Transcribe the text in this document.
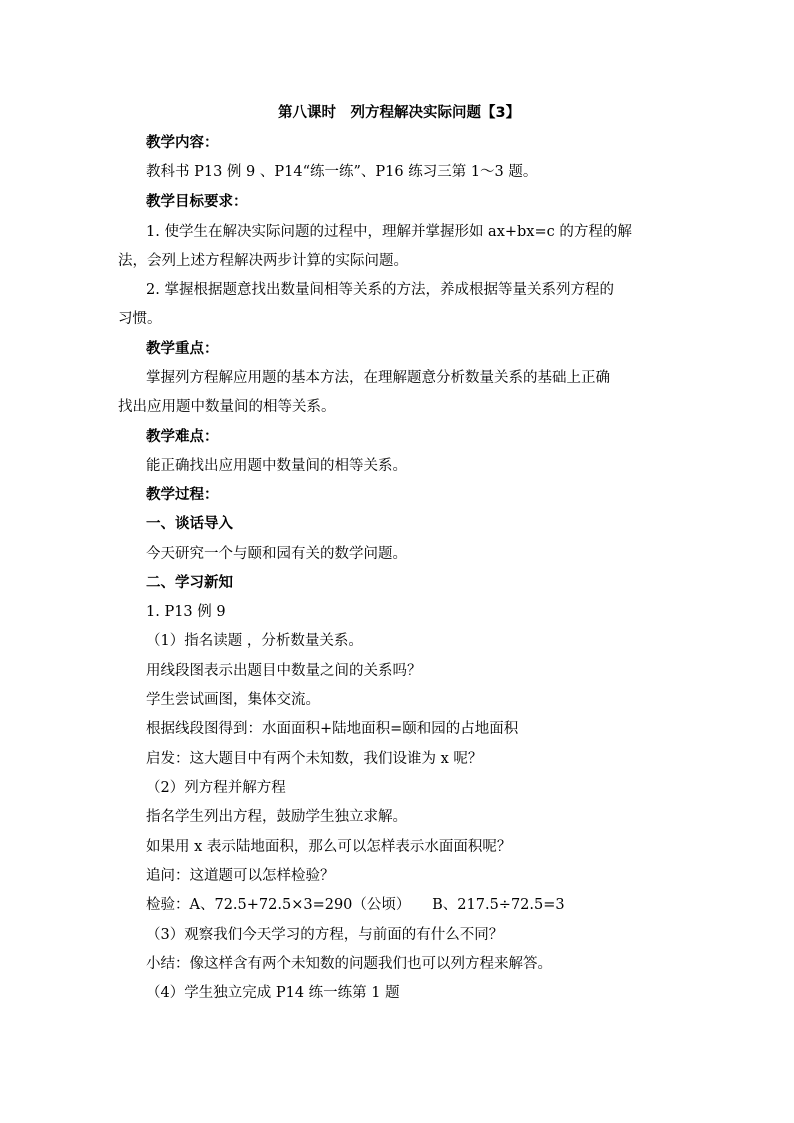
第八课时　列方程解决实际问题【3】
教学内容：
教科书 P13 例 9 、P14“练一练”、P16 练习三第 1～3 题。
教学目标要求：
1. 使学生在解决实际问题的过程中，理解并掌握形如 ax+bx=c 的方程的解
法，会列上述方程解决两步计算的实际问题。
2. 掌握根据题意找出数量间相等关系的方法，养成根据等量关系列方程的
习惯。
教学重点：
掌握列方程解应用题的基本方法，在理解题意分析数量关系的基础上正确
找出应用题中数量间的相等关系。
教学难点：
能正确找出应用题中数量间的相等关系。
教学过程：
一、谈话导入
今天研究一个与颐和园有关的数学问题。
二、学习新知
1. P13 例 9
（1）指名读题 ，分析数量关系。
用线段图表示出题目中数量之间的关系吗？
学生尝试画图，集体交流。
根据线段图得到：水面面积+陆地面积=颐和园的占地面积
启发：这大题目中有两个未知数，我们设谁为 x 呢？
（2）列方程并解方程
指名学生列出方程，鼓励学生独立求解。
如果用 x 表示陆地面积，那么可以怎样表示水面面积呢？
追问：这道题可以怎样检验？
检验：A、72.5+72.5×3=290（公顷）　　B、217.5÷72.5=3
（3）观察我们今天学习的方程，与前面的有什么不同？
小结：像这样含有两个未知数的问题我们也可以列方程来解答。
（4）学生独立完成 P14 练一练第 1 题
